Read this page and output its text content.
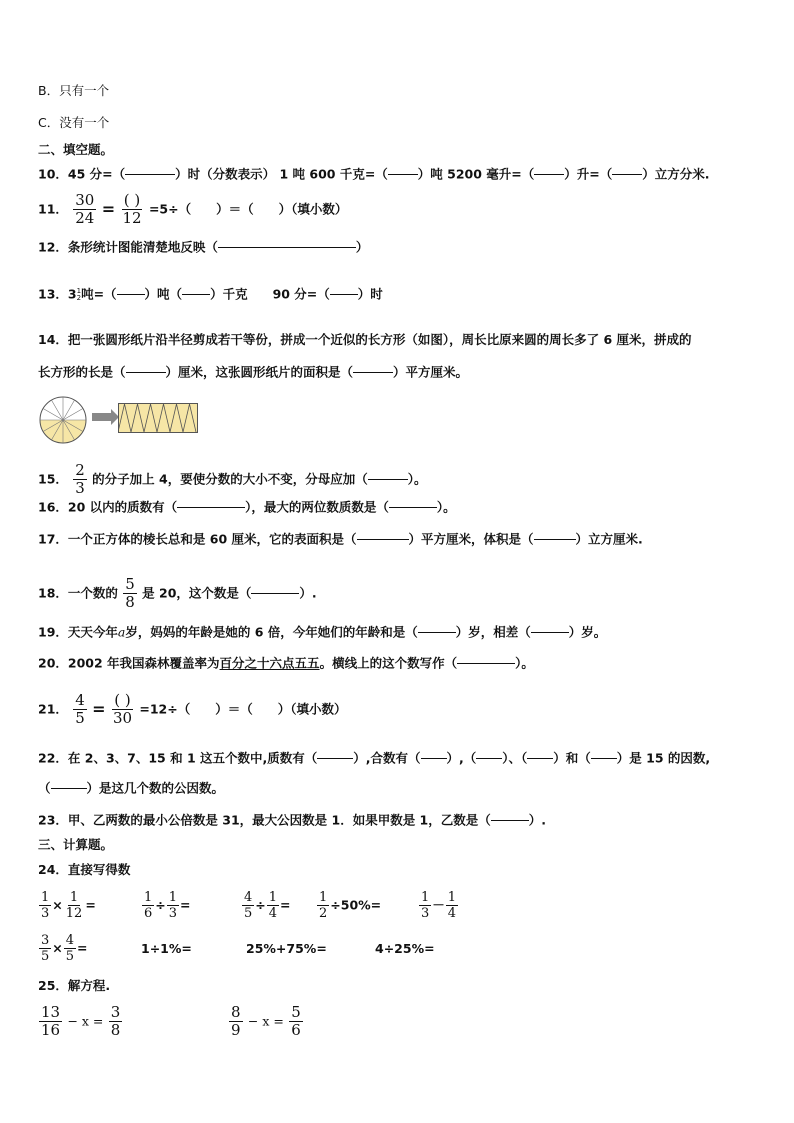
B．只有一个
C．没有一个
二、填空题。
10．45 分=（	）时（分数表示） 1 吨 600 千克=（ ）吨 5200 毫升=（ ）升=（ ）立方分米.
11． $\frac{30}{24} = \frac{( )}{12} =5\div$（　　）＝（　　）（填小数）
12．条形统计图能清楚地反映（	）
13．3 1
2 吨=（ ）吨（ ）千克　　90 分=（ ）时
14．把一张圆形纸片沿半径剪成若干等份，拼成一个近似的长方形（如图），周长比原来圆的周长多了 6 厘米，拼成的
长方形的长是（	）厘米，这张圆形纸片的面积是（	）平方厘米。
15． $\frac{2}{3}$ 的分子加上 4，要使分数的大小不变，分母应加（	）。
16．20 以内的质数有（	），最大的两位数质数是（	）。
17．一个正方体的棱长总和是 60 厘米，它的表面积是（	）平方厘米，体积是（	）立方厘米.
18．一个数的 $\frac{5}{8}$ 是 20，这个数是（	）.
19．天天今年a岁，妈妈的年龄是她的 6 倍，今年她们的年龄和是（	）岁，相差（	）岁。
20．2002 年我国森林覆盖率为百分之十六点五五。横线上的这个数写作（	）。
21． $\frac{4}{5} = \frac{( )}{30} =12\div$（　　）＝（　　）（填小数）
22．在 2、3、7、15 和 1 这五个数中,质数有（	）,合数有（ ）,（ ）、（ ）和（ ）是 15 的因数,
（	）是这几个数的公因数。
23．甲、乙两数的最小公倍数是 31，最大公因数是 1．如果甲数是 1，乙数是（	）.
三、计算题。
24．直接写得数
$\frac{1}{3} \times \frac{1}{12}$ =	$\frac{1}{6} \div \frac{1}{3}$ =	$\frac{4}{5} \div \frac{1}{4} = \frac{1}{2} \div 50\%=$	$\frac{1}{3} - \frac{1}{4}$
$\frac{3}{5} \times \frac{4}{5}$ =	1÷1%=	25%+75%=	4÷25%=
25．解方程.
$\frac{13}{16} - x = \frac{3}{8}$	$\frac{8}{9} - x = \frac{5}{6}$
